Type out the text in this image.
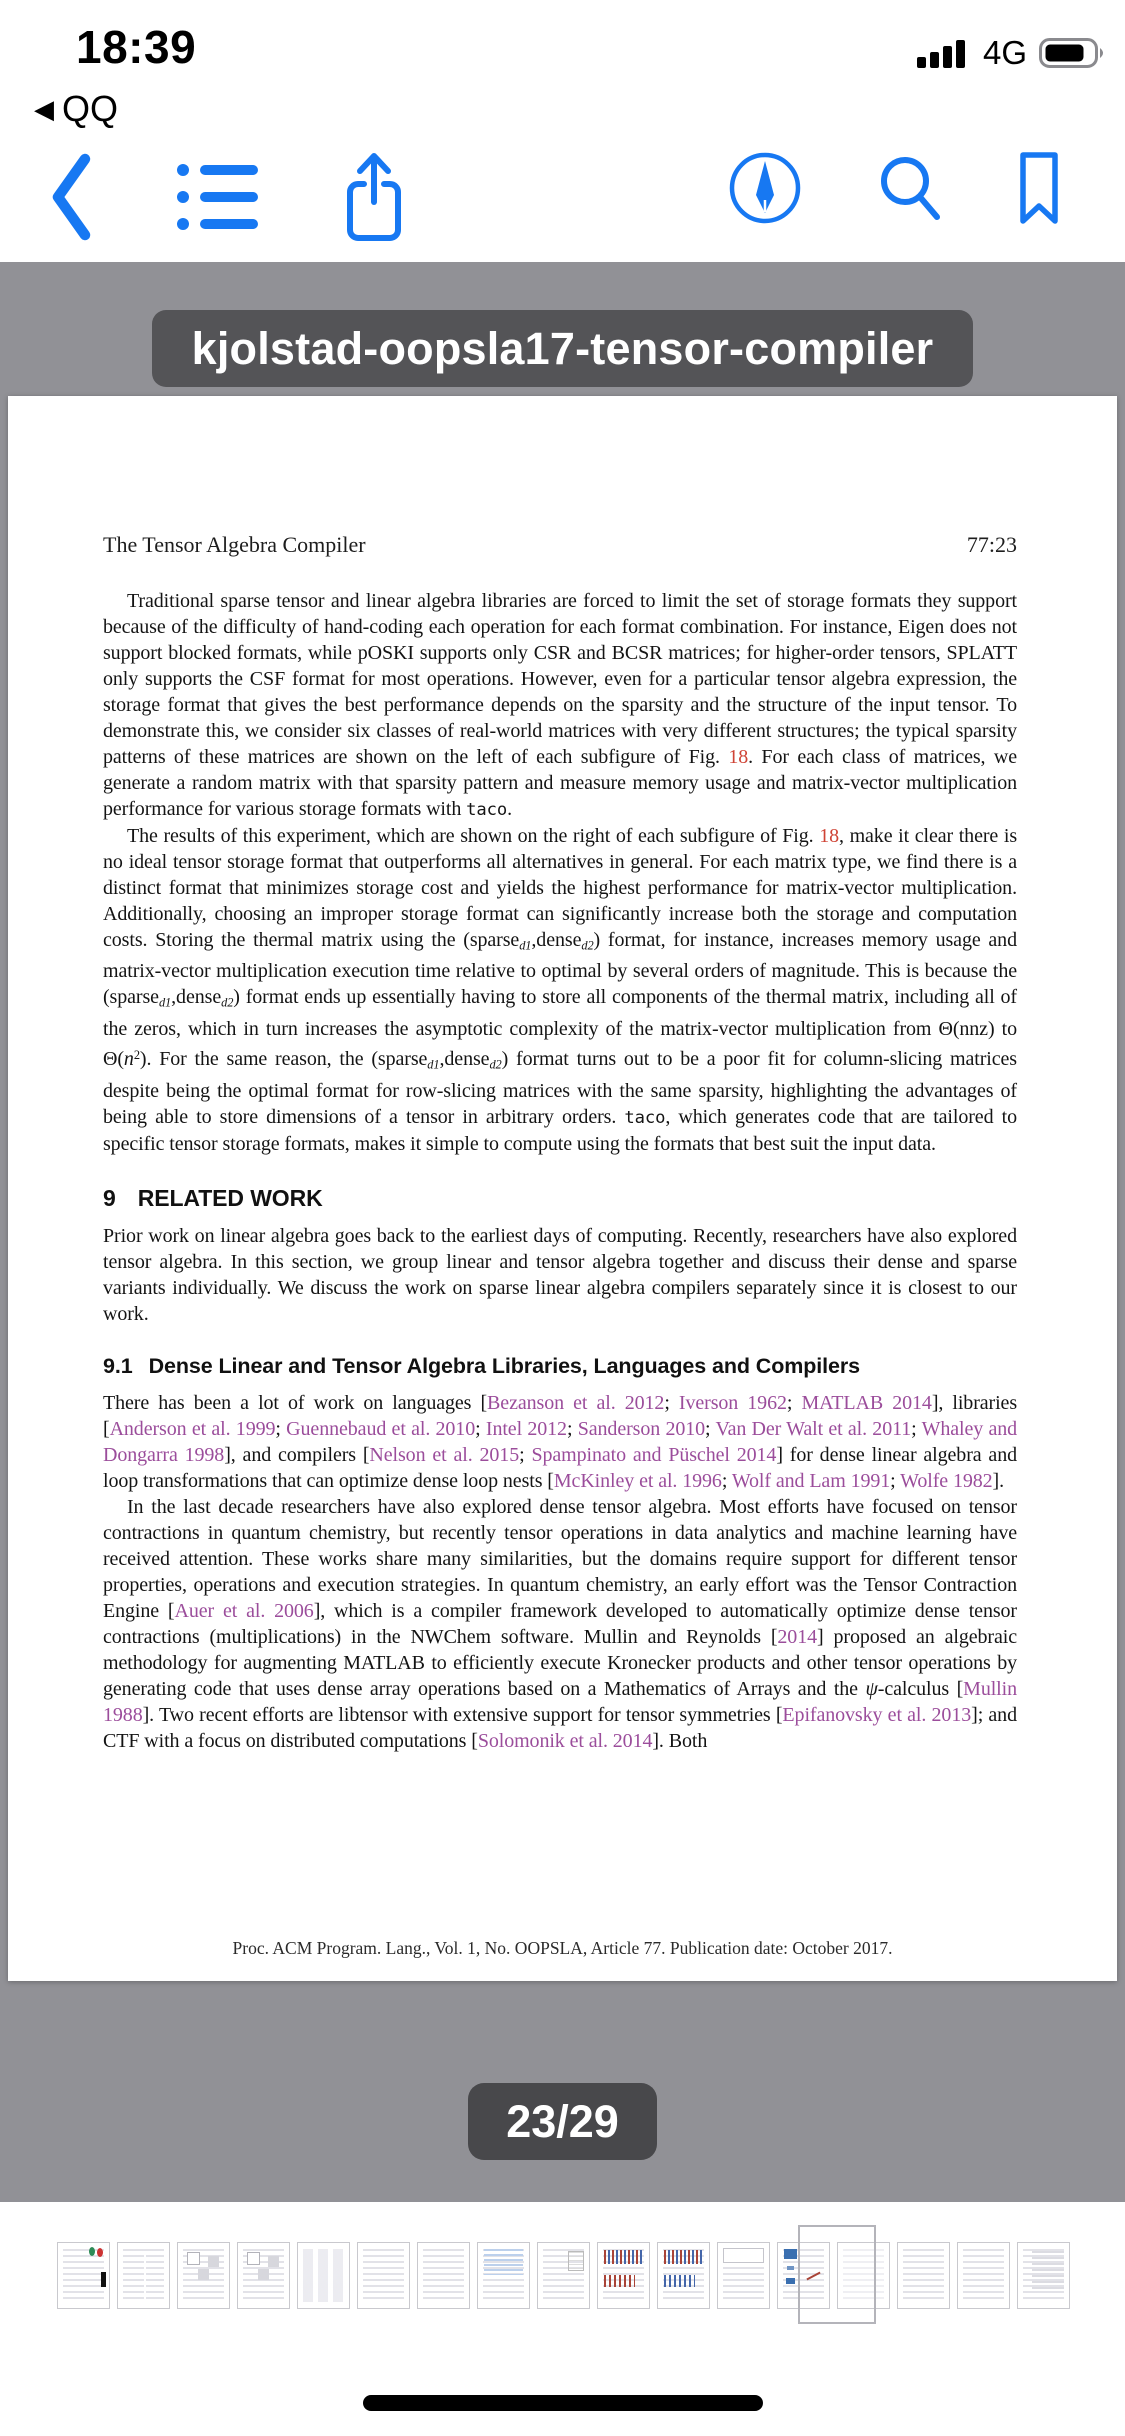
18:39
◀ QQ
4G
kjolstad-oopsla17-tensor-compiler
The Tensor Algebra Compiler	77:23

Traditional sparse tensor and linear algebra libraries are forced to limit the set of storage formats they support because of the difficulty of hand-coding each operation for each format combination. For instance, Eigen does not support blocked formats, while pOSKI supports only CSR and BCSR matrices; for higher-order tensors, SPLATT only supports the CSF format for most operations. However, even for a particular tensor algebra expression, the storage format that gives the best performance depends on the sparsity and the structure of the input tensor. To demonstrate this, we consider six classes of real-world matrices with very different structures; the typical sparsity patterns of these matrices are shown on the left of each subfigure of Fig. 18. For each class of matrices, we generate a random matrix with that sparsity pattern and measure memory usage and matrix-vector multiplication performance for various storage formats with taco.

The results of this experiment, which are shown on the right of each subfigure of Fig. 18, make it clear there is no ideal tensor storage format that outperforms all alternatives in general. For each matrix type, we find there is a distinct format that minimizes storage cost and yields the highest performance for matrix-vector multiplication. Additionally, choosing an improper storage format can significantly increase both the storage and computation costs. Storing the thermal matrix using the (sparsed1,densed2) format, for instance, increases memory usage and matrix-vector multiplication execution time relative to optimal by several orders of magnitude. This is because the (sparsed1,densed2) format ends up essentially having to store all components of the thermal matrix, including all of the zeros, which in turn increases the asymptotic complexity of the matrix-vector multiplication from Θ(nnz) to $\Theta(n^2)$. For the same reason, the (sparsed1,densed2) format turns out to be a poor fit for column-slicing matrices despite being the optimal format for row-slicing matrices with the same sparsity, highlighting the advantages of being able to store dimensions of a tensor in arbitrary orders. taco, which generates code that are tailored to specific tensor storage formats, makes it simple to compute using the formats that best suit the input data.

9 RELATED WORK

Prior work on linear algebra goes back to the earliest days of computing. Recently, researchers have also explored tensor algebra. In this section, we group linear and tensor algebra together and discuss their dense and sparse variants individually. We discuss the work on sparse linear algebra compilers separately since it is closest to our work.

9.1 Dense Linear and Tensor Algebra Libraries, Languages and Compilers

There has been a lot of work on languages [Bezanson et al. 2012; Iverson 1962; MATLAB 2014], libraries [Anderson et al. 1999; Guennebaud et al. 2010; Intel 2012; Sanderson 2010; Van Der Walt et al. 2011; Whaley and Dongarra 1998], and compilers [Nelson et al. 2015; Spampinato and Püschel 2014] for dense linear algebra and loop transformations that can optimize dense loop nests [McKinley et al. 1996; Wolf and Lam 1991; Wolfe 1982].

In the last decade researchers have also explored dense tensor algebra. Most efforts have focused on tensor contractions in quantum chemistry, but recently tensor operations in data analytics and machine learning have received attention. These works share many similarities, but the domains require support for different tensor properties, operations and execution strategies. In quantum chemistry, an early effort was the Tensor Contraction Engine [Auer et al. 2006], which is a compiler framework developed to automatically optimize dense tensor contractions (multiplications) in the NWChem software. Mullin and Reynolds [2014] proposed an algebraic methodology for augmenting MATLAB to efficiently execute Kronecker products and other tensor operations by generating code that uses dense array operations based on a Mathematics of Arrays and the ψ-calculus [Mullin 1988]. Two recent efforts are libtensor with extensive support for tensor symmetries [Epifanovsky et al. 2013]; and CTF with a focus on distributed computations [Solomonik et al. 2014]. Both

Proc. ACM Program. Lang., Vol. 1, No. OOPSLA, Article 77. Publication date: October 2017.
23/29
